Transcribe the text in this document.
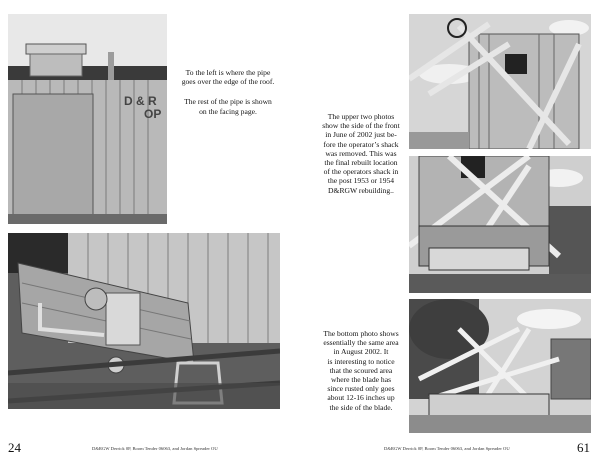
D & R
OP

To the left is where the pipe
goes over the edge of the roof.

The rest of the pipe is shown
on the facing page.

24	D&RGW Derrick 0P, Boom Tender 06063, and Jordan Spreader OU
The upper two photos
show the side of the front
in June of 2002 just be-
fore the operator’s shack
was removed. This was
the final rebuilt location
of the operators shack in
the post 1953 or 1954
D&RGW rebuilding..
The bottom photo shows
essentially the same area
in August 2002. It
is interesting to notice
that the scoured area
where the blade has
since rusted only goes
about 12-16 inches up
the side of the blade.
D&RGW Derrick 0P, Boom Tender 06063, and Jordan Spreader OU	61
